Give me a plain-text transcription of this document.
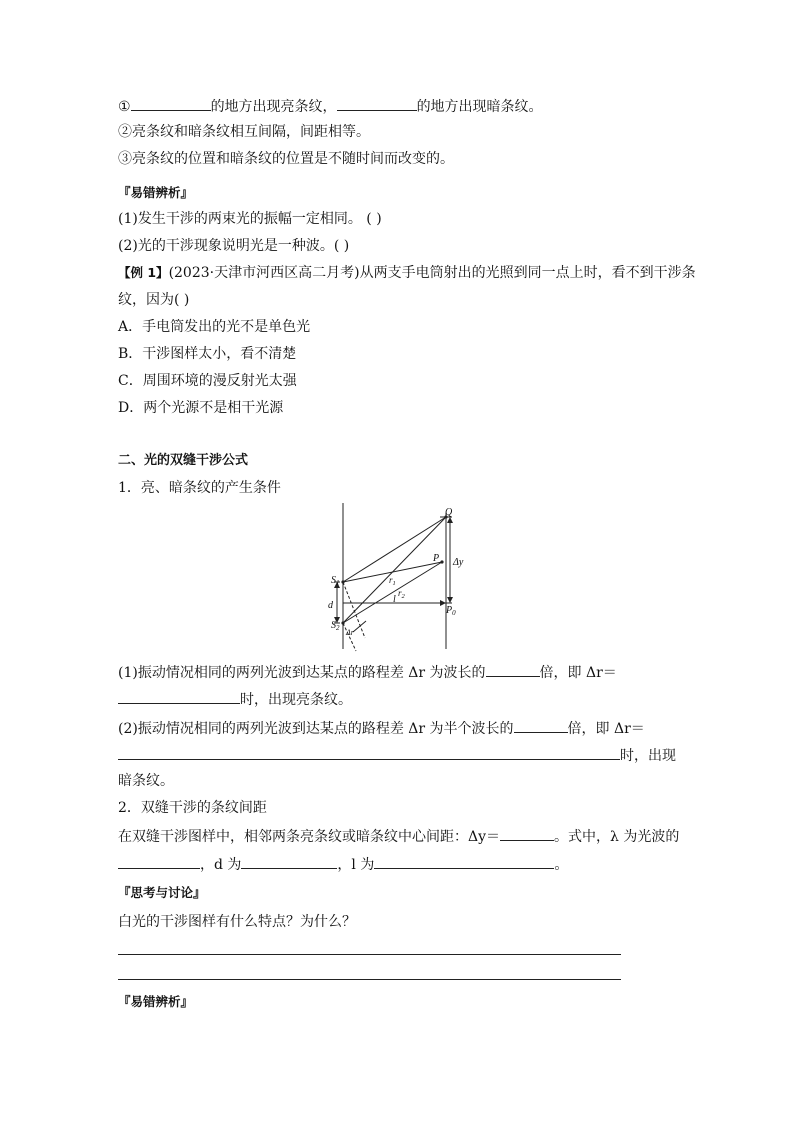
①	的地方出现亮条纹，	的地方出现暗条纹。
②亮条纹和暗条纹相互间隔，间距相等。
③亮条纹的位置和暗条纹的位置是不随时间而改变的。
『易错辨析』
(1)发生干涉的两束光的振幅一定相同。 ( )
(2)光的干涉现象说明光是一种波。( )
【例 1】(2023·天津市河西区高二月考)从两支手电筒射出的光照到同一点上时，看不到干涉条
纹，因为( )
A．手电筒发出的光不是单色光
B．干涉图样太小，看不清楚
C．周围环境的漫反射光太强
D．两个光源不是相干光源
二、光的双缝干涉公式
1．亮、暗条纹的产生条件
Q
P Δy
$S_1$
$S_2$
d
$r_1$
$r_2$
l
$P_0$
Δr
(1)振动情况相同的两列光波到达某点的路程差 Δr 为波长的	倍，即 Δr＝
时，出现亮条纹。
(2)振动情况相同的两列光波到达某点的路程差 Δr 为半个波长的	倍，即 Δr＝
时，出现
暗条纹。
2．双缝干涉的条纹间距
在双缝干涉图样中，相邻两条亮条纹或暗条纹中心间距：Δy＝	。式中，λ 为光波的
，d 为	，l 为	。
『思考与讨论』
白光的干涉图样有什么特点？为什么？
『易错辨析』
